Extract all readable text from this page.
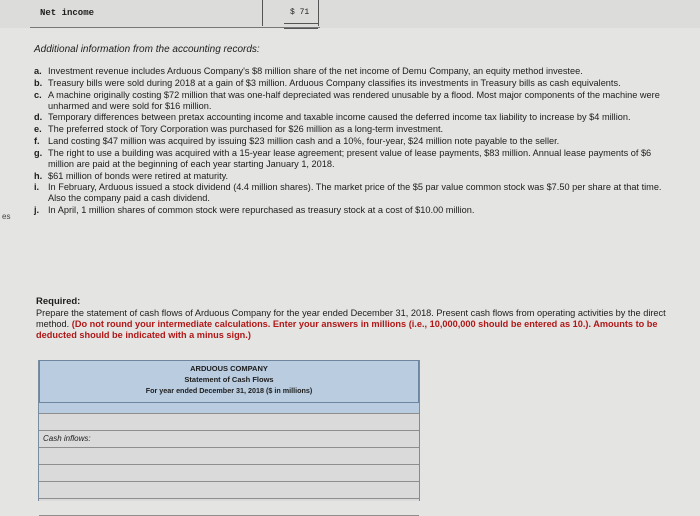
Net income	$ 71
es
Additional information from the accounting records:
a. Investment revenue includes Arduous Company's $8 million share of the net income of Demu Company, an equity method investee.
b. Treasury bills were sold during 2018 at a gain of $3 million. Arduous Company classifies its investments in Treasury bills as cash equivalents.
c. A machine originally costing $72 million that was one-half depreciated was rendered unusable by a flood. Most major components of the machine were unharmed and were sold for $16 million.
d. Temporary differences between pretax accounting income and taxable income caused the deferred income tax liability to increase by $4 million.
e. The preferred stock of Tory Corporation was purchased for $26 million as a long-term investment.
f. Land costing $47 million was acquired by issuing $23 million cash and a 10%, four-year, $24 million note payable to the seller.
g. The right to use a building was acquired with a 15-year lease agreement; present value of lease payments, $83 million. Annual lease payments of $6 million are paid at the beginning of each year starting January 1, 2018.
h. $61 million of bonds were retired at maturity.
i. In February, Arduous issued a stock dividend (4.4 million shares). The market price of the $5 par value common stock was $7.50 per share at that time. Also the company paid a cash dividend.
j. In April, 1 million shares of common stock were repurchased as treasury stock at a cost of $10.00 million.
Required:
Prepare the statement of cash flows of Arduous Company for the year ended December 31, 2018. Present cash flows from operating activities by the direct method. (Do not round your intermediate calculations. Enter your answers in millions (i.e., 10,000,000 should be entered as 10.). Amounts to be deducted should be indicated with a minus sign.)
ARDUOUS COMPANY
Statement of Cash Flows
For year ended December 31, 2018 ($ in millions)
Cash inflows:
